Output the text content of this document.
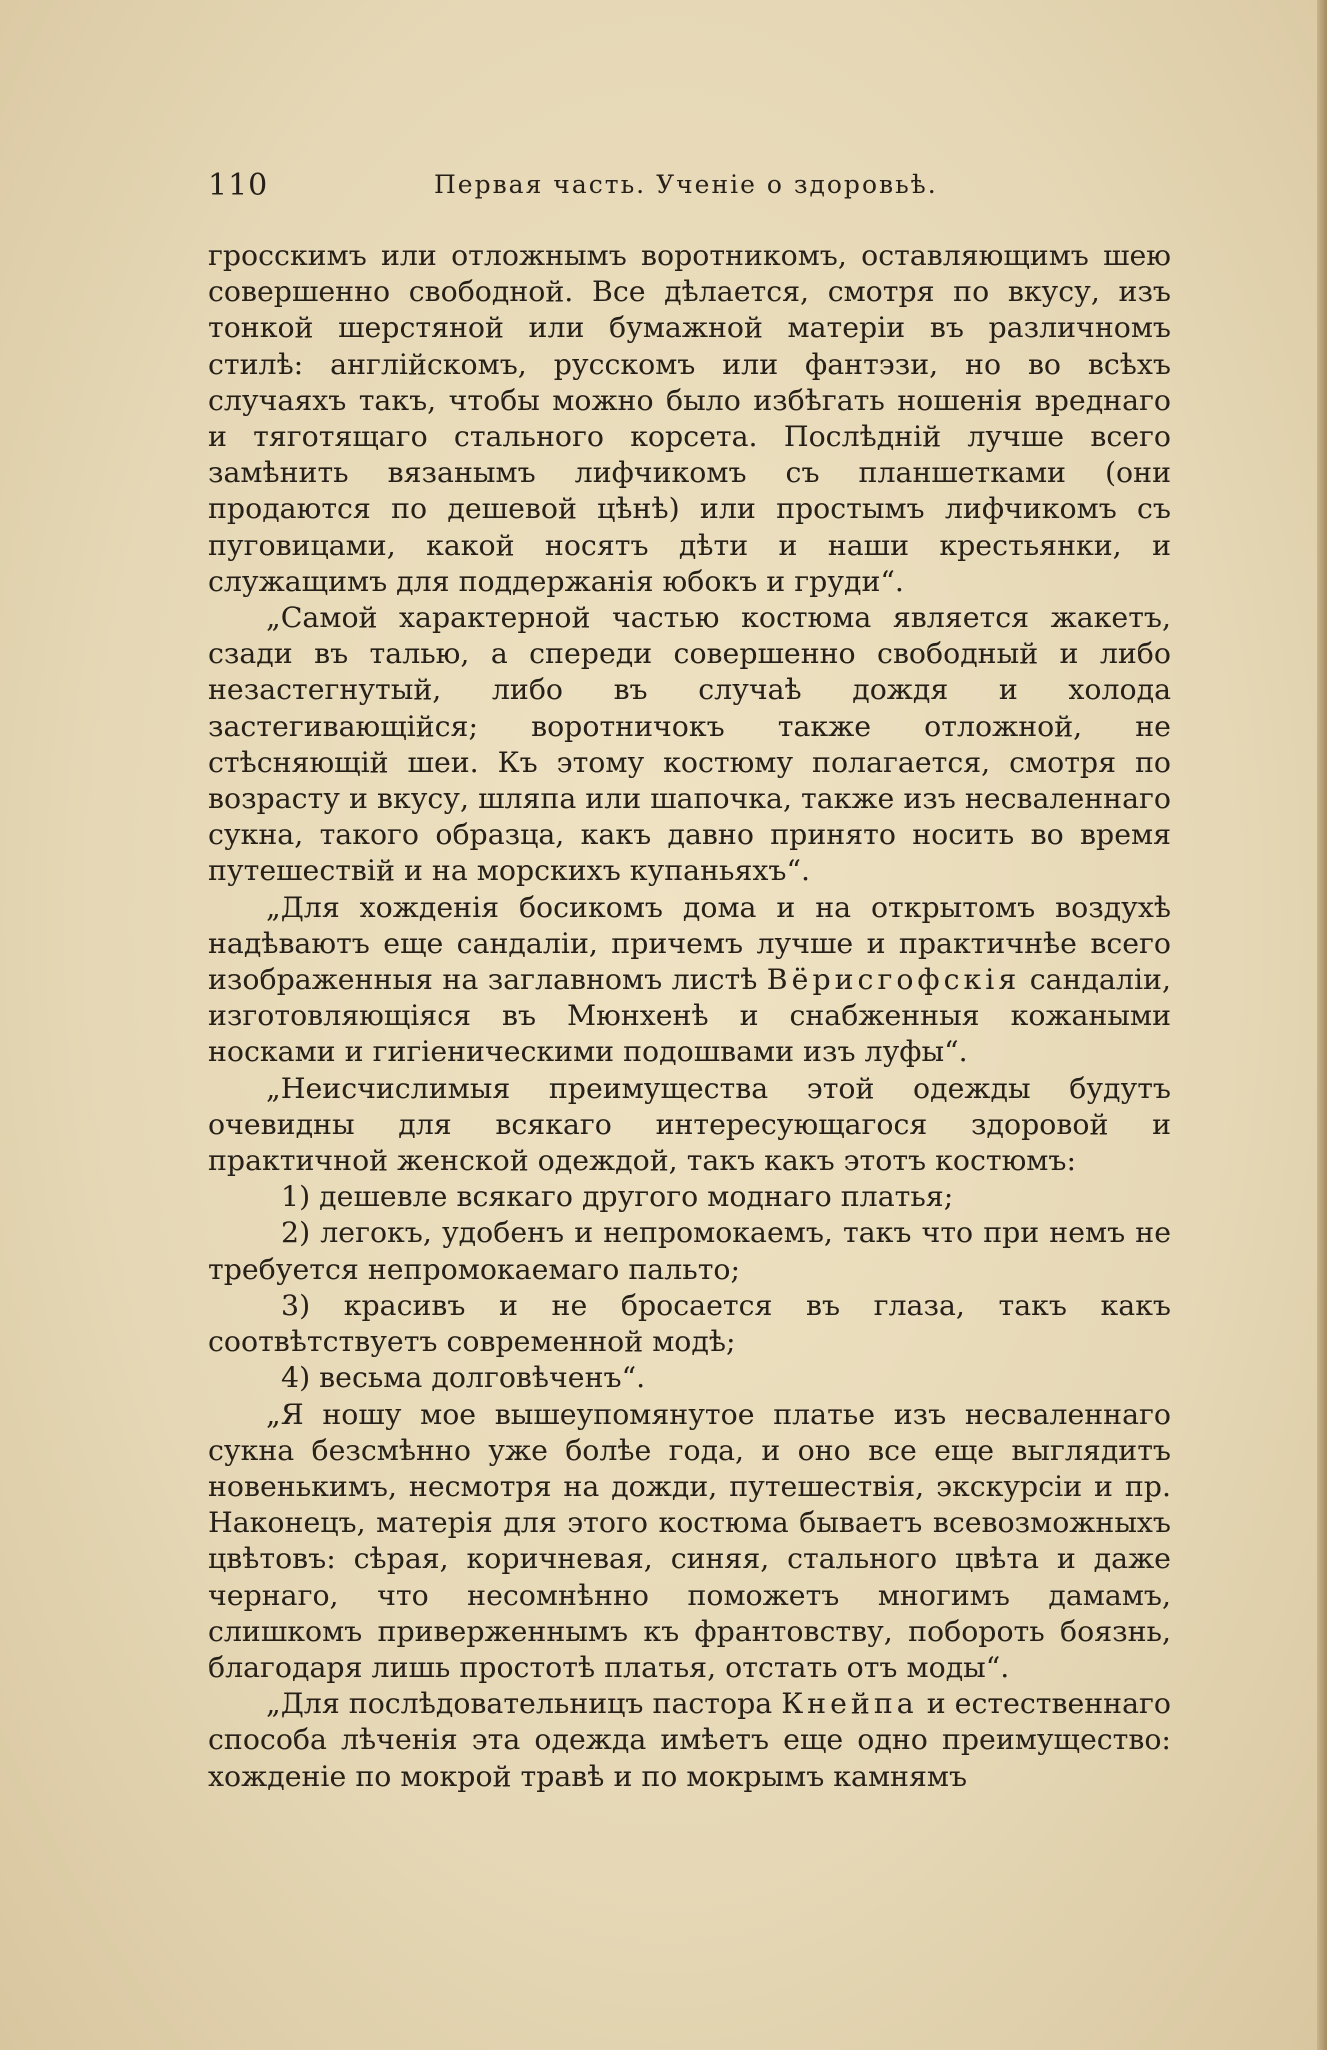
110	Первая часть. Ученіе о здоровьѣ.

гросскимъ или отложнымъ воротникомъ, оставляющимъ шею совершенно свободной. Все дѣлается, смотря по вкусу, изъ тонкой шерстяной или бумажной матеріи въ различномъ стилѣ: англійскомъ, русскомъ или фантэзи, но во всѣхъ случаяхъ такъ, чтобы можно было избѣгать ношенія вреднаго и тяготящаго стального корсета. Послѣдній лучше всего замѣнить вязанымъ лифчикомъ съ планшетками (они продаются по дешевой цѣнѣ) или простымъ лифчикомъ съ пуговицами, какой носятъ дѣти и наши крестьянки, и служащимъ для поддержанія юбокъ и груди“.

„Самой характерной частью костюма является жакетъ, сзади въ талью, а спереди совершенно свободный и либо незастегнутый, либо въ случаѣ дождя и холода застегивающійся; воротничокъ также отложной, не стѣсняющій шеи. Къ этому костюму полагается, смотря по возрасту и вкусу, шляпа или шапочка, также изъ несваленнаго сукна, такого образца, какъ давно принято носить во время путешествій и на морскихъ купаньяхъ“.

„Для хожденія босикомъ дома и на открытомъ воздухѣ надѣваютъ еще сандаліи, причемъ лучше и практичнѣе всего изображенныя на заглавномъ листѣ Вёрисгофскія сандаліи, изготовляющіяся въ Мюнхенѣ и снабженныя кожаными носками и гигіеническими подошвами изъ луфы“.

„Неисчислимыя преимущества этой одежды будутъ очевидны для всякаго интересующагося здоровой и практичной женской одеждой, такъ какъ этотъ костюмъ:

1) дешевле всякаго другого моднаго платья;

2) легокъ, удобенъ и непромокаемъ, такъ что при немъ не требуется непромокаемаго пальто;

3) красивъ и не бросается въ глаза, такъ какъ соотвѣтствуетъ современной модѣ;

4) весьма долговѣченъ“.

„Я ношу мое вышеупомянутое платье изъ несваленнаго сукна безсмѣнно уже болѣе года, и оно все еще выглядитъ новенькимъ, несмотря на дожди, путешествія, экскурсіи и пр. Наконецъ, матерія для этого костюма бываетъ всевозможныхъ цвѣтовъ: сѣрая, коричневая, синяя, стального цвѣта и даже чернаго, что несомнѣнно поможетъ многимъ дамамъ, слишкомъ приверженнымъ къ франтовству, побороть боязнь, благодаря лишь простотѣ платья, отстать отъ моды“.

„Для послѣдовательницъ пастора Кнейпа и естественнаго способа лѣченія эта одежда имѣетъ еще одно преимущество: хожденіе по мокрой травѣ и по мокрымъ камнямъ
